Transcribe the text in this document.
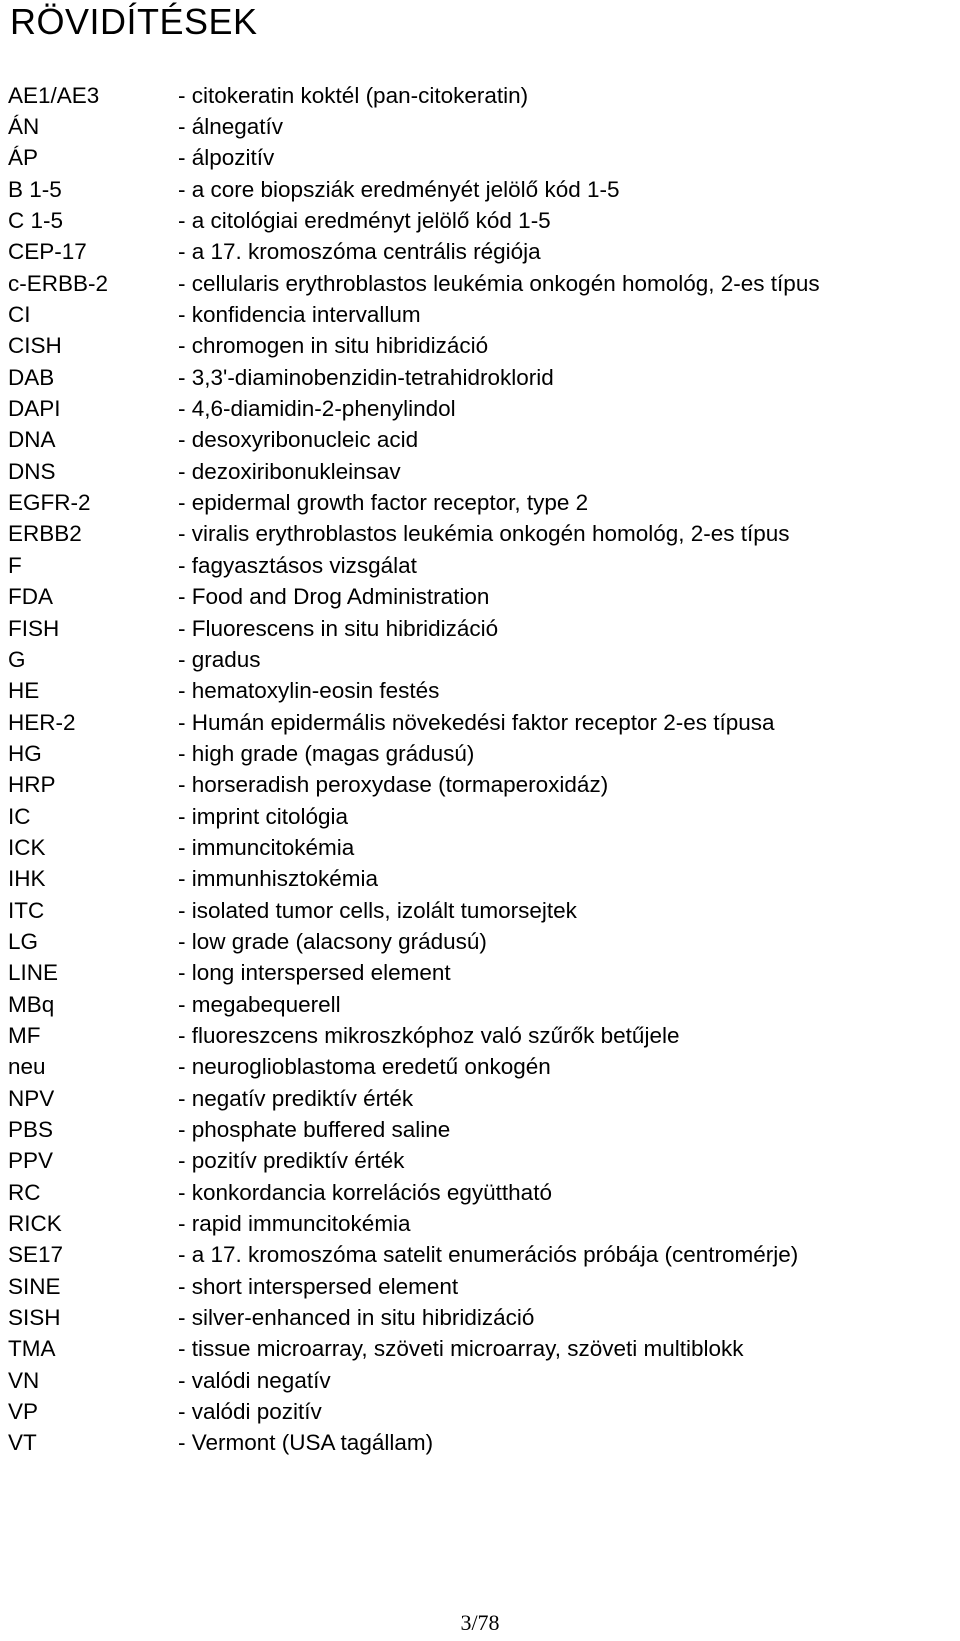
RÖVIDÍTÉSEK
AE1/AE3	- citokeratin koktél (pan-citokeratin)
ÁN	- álnegatív
ÁP	- álpozitív
B 1-5	- a core biopsziák eredményét jelölő kód 1-5
C 1-5	- a citológiai eredményt jelölő kód 1-5
CEP-17	- a 17. kromoszóma centrális régiója
c-ERBB-2	- cellularis erythroblastos leukémia onkogén homológ, 2-es típus
CI	- konfidencia intervallum
CISH	- chromogen in situ hibridizáció
DAB	- 3,3'-diaminobenzidin-tetrahidroklorid
DAPI	- 4,6-diamidin-2-phenylindol
DNA	- desoxyribonucleic acid
DNS	- dezoxiribonukleinsav
EGFR-2	- epidermal growth factor receptor, type 2
ERBB2	- viralis erythroblastos leukémia onkogén homológ, 2-es típus
F	- fagyasztásos vizsgálat
FDA	- Food and Drog Administration
FISH	- Fluorescens in situ hibridizáció
G	- gradus
HE	- hematoxylin-eosin festés
HER-2	- Humán epidermális növekedési faktor receptor 2-es típusa
HG	- high grade (magas grádusú)
HRP	- horseradish peroxydase (tormaperoxidáz)
IC	- imprint citológia
ICK	- immuncitokémia
IHK	- immunhisztokémia
ITC	- isolated tumor cells, izolált tumorsejtek
LG	- low grade (alacsony grádusú)
LINE	- long interspersed element
MBq	- megabequerell
MF	- fluoreszcens mikroszkóphoz való szűrők betűjele
neu	- neuroglioblastoma eredetű onkogén
NPV	- negatív prediktív érték
PBS	- phosphate buffered saline
PPV	- pozitív prediktív érték
RC	- konkordancia korrelációs együttható
RICK	- rapid immuncitokémia
SE17	- a 17. kromoszóma satelit enumerációs próbája (centromérje)
SINE	- short interspersed element
SISH	- silver-enhanced in situ hibridizáció
TMA	- tissue microarray, szöveti microarray, szöveti multiblokk
VN	- valódi negatív
VP	- valódi pozitív
VT	- Vermont (USA tagállam)
3/78
